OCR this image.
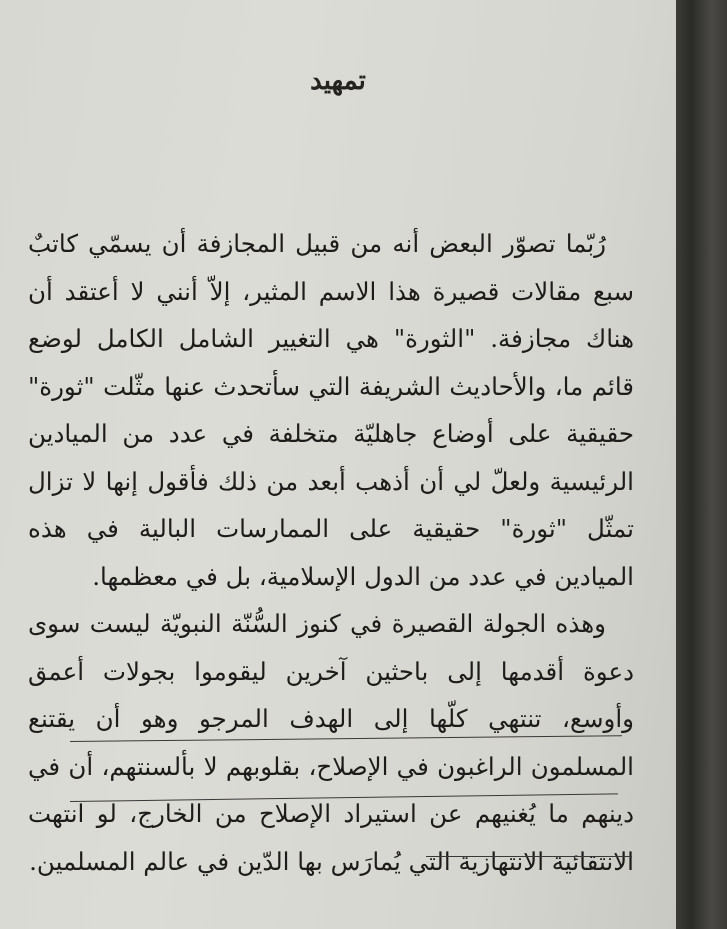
تمهيد

رُبّما تصوّر البعض أنه من قبيل المجازفة أن يسمّي كاتبٌ سبع مقالات قصيرة هذا الاسم المثير، إلاّ أنني لا أعتقد أن هناك مجازفة. "الثورة" هي التغيير الشامل الكامل لوضع قائم ما، والأحاديث الشريفة التي سأتحدث عنها مثّلت "ثورة" حقيقية على أوضاع جاهليّة متخلفة في عدد من الميادين الرئيسية ولعلّ لي أن أذهب أبعد من ذلك فأقول إنها لا تزال تمثّل "ثورة" حقيقية على الممارسات البالية في هذه الميادين في عدد من الدول الإسلامية، بل في معظمها.

وهذه الجولة القصيرة في كنوز السُّنّة النبويّة ليست سوى دعوة أقدمها إلى باحثين آخرين ليقوموا بجولات أعمق وأوسع، تنتهي كلّها إلى الهدف المرجو وهو أن يقتنع المسلمون الراغبون في الإصلاح، بقلوبهم لا بألسنتهم، أن في دينهم ما يُغنيهم عن استيراد الإصلاح من الخارج، لو انتهت الانتقائية الانتهازية التي يُمارَس بها الدّين في عالم المسلمين.
